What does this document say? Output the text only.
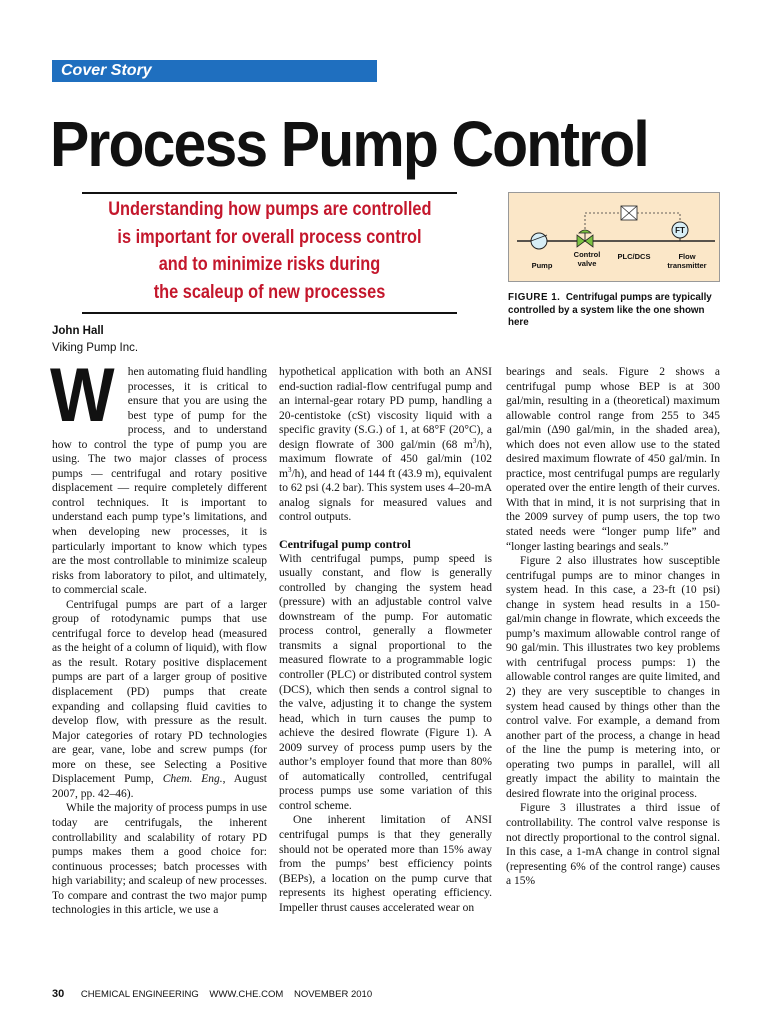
Cover Story
Process Pump Control
Understanding how pumps are controlled
is important for overall process control
and to minimize risks during
the scaleup of new processes
John Hall
Viking Pump Inc.
FT
Pump
Control
valve
PLC/DCS	Flow
transmitter
FIGURE 1. Centrifugal pumps are typically controlled by a system like the one shown here

W hen automating fluid handling processes, it is critical to ensure that you are using the best type of pump for the process, and to understand how to control the type of pump you are using. The two major classes of process pumps — centrifugal and rotary positive displacement — require completely different control techniques. It is important to understand each pump type’s limitations, and when developing new processes, it is particularly important to know which types are the most controllable to minimize scaleup risks from laboratory to pilot, and ultimately, to commercial scale.

Centrifugal pumps are part of a larger group of rotodynamic pumps that use centrifugal force to develop head (measured as the height of a column of liquid), with flow as the result. Rotary positive displacement pumps are part of a larger group of positive displacement (PD) pumps that create expanding and collapsing fluid cavities to develop flow, with pressure as the result. Major categories of rotary PD technologies are gear, vane, lobe and screw pumps (for more on these, see Selecting a Positive Displacement Pump, Chem. Eng., August 2007, pp. 42–46).

While the majority of process pumps in use today are centrifugals, the inherent controllability and scalability of rotary PD pumps makes them a good choice for: continuous processes; batch processes with high variability; and scaleup of new processes. To compare and contrast the two major pump technologies in this article, we use a

hypothetical application with both an ANSI end-suction radial-flow centrifugal pump and an internal-gear rotary PD pump, handling a 20-centistoke (cSt) viscosity liquid with a specific gravity (S.G.) of 1, at 68°F (20°C), a design flowrate of 300 gal/min (68 $m^3/h$), maximum flowrate of 450 gal/min (102 $m^3/h$), and head of 144 ft (43.9 m), equivalent to 62 psi (4.2 bar). This system uses 4–20-mA analog signals for measured values and control outputs.

Centrifugal pump control

With centrifugal pumps, pump speed is usually constant, and flow is generally controlled by changing the system head (pressure) with an adjustable control valve downstream of the pump. For automatic process control, generally a flowmeter transmits a signal proportional to the measured flowrate to a programmable logic controller (PLC) or distributed control system (DCS), which then sends a control signal to the valve, adjusting it to change the system head, which in turn causes the pump to achieve the desired flowrate (Figure 1). A 2009 survey of process pump users by the author’s employer found that more than 80% of automatically controlled, centrifugal process pumps use some variation of this control scheme.

One inherent limitation of ANSI centrifugal pumps is that they generally should not be operated more than 15% away from the pumps’ best efficiency points (BEPs), a location on the pump curve that represents its highest operating efficiency. Impeller thrust causes accelerated wear on

bearings and seals. Figure 2 shows a centrifugal pump whose BEP is at 300 gal/min, resulting in a (theoretical) maximum allowable control range from 255 to 345 gal/min (Δ90 gal/min, in the shaded area), which does not even allow use to the stated desired maximum flowrate of 450 gal/min. In practice, most centrifugal pumps are regularly operated over the entire length of their curves. With that in mind, it is not surprising that in the 2009 survey of pump users, the top two stated needs were “longer pump life” and “longer lasting bearings and seals.”

Figure 2 also illustrates how susceptible centrifugal pumps are to minor changes in system head. In this case, a 23-ft (10 psi) change in system head results in a 150-gal/min change in flowrate, which exceeds the pump’s maximum allowable control range of 90 gal/min. This illustrates two key problems with centrifugal process pumps: 1) the allowable control ranges are quite limited, and 2) they are very susceptible to changes in system head caused by things other than the control valve. For example, a demand from another part of the process, a change in head of the line the pump is metering into, or operating two pumps in parallel, will all greatly impact the ability to maintain the desired flowrate into the original process.

Figure 3 illustrates a third issue of controllability. The control valve response is not directly proportional to the control signal. In this case, a 1-mA change in control signal (representing 6% of the control range) causes a 15%

30 CHEMICAL ENGINEERING WWW.CHE.COM NOVEMBER 2010
